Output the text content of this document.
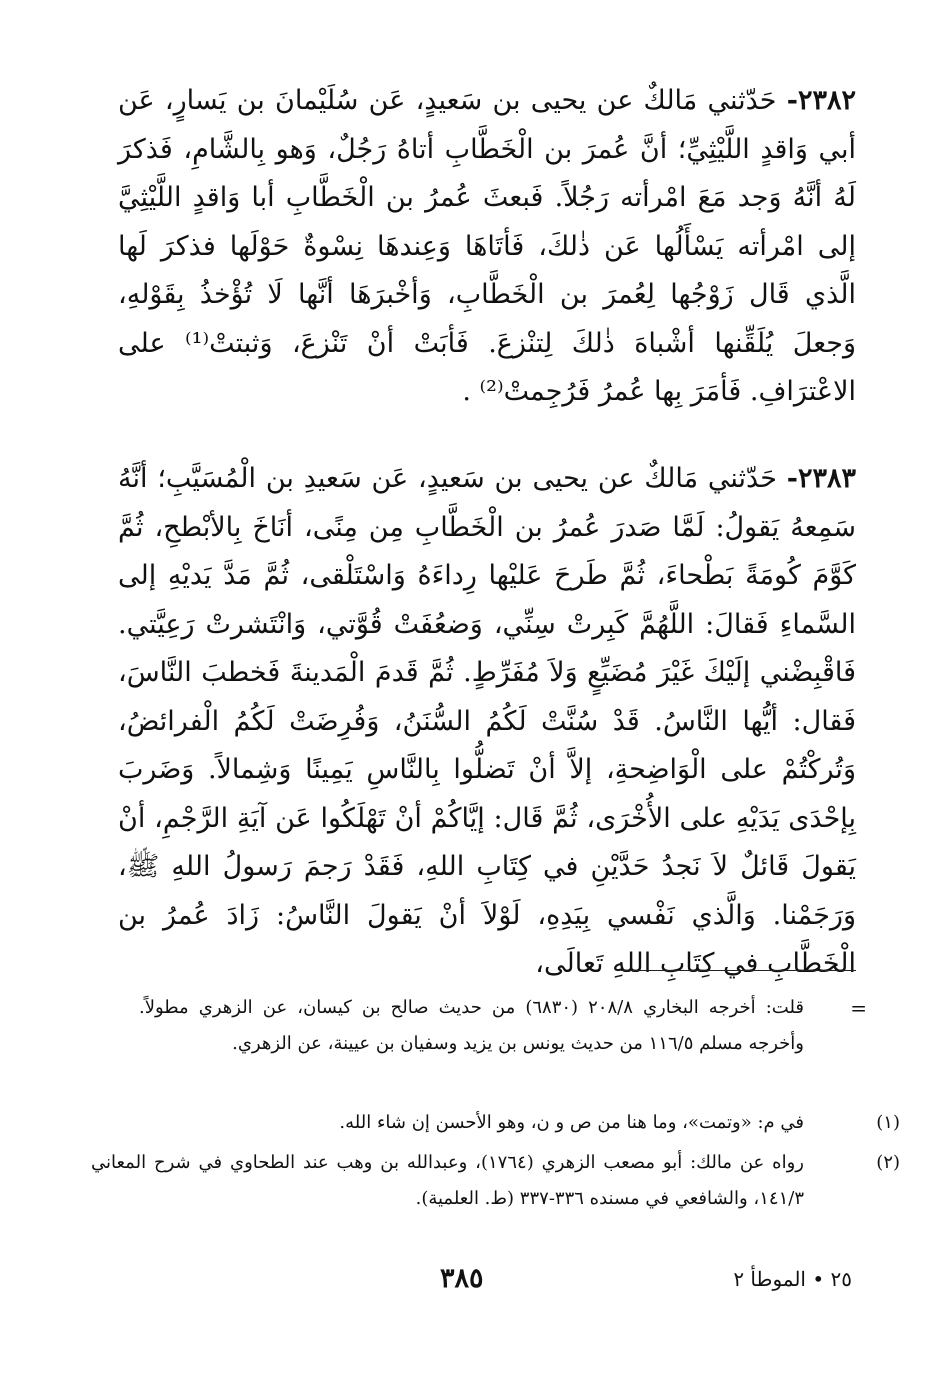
٢٣٨٢- حَدّثني مَالكٌ عن يحيى بن سَعيدٍ، عَن سُلَيْمانَ بن يَسارٍ، عَن أبي وَاقدٍ اللَّيْثِيِّ؛ أنَّ عُمرَ بن الْخَطَّابِ أتاهُ رَجُلٌ، وَهو بِالشَّامِ، فَذكرَ لَهُ أنَّهُ وَجد مَعَ امْرأته رَجُلاً. فَبعثَ عُمرُ بن الْخَطَّابِ أبا وَاقدٍ اللَّيْثِيَّ إلى امْرأته يَسْأَلُها عَن ذٰلكَ، فَأتَاهَا وَعِندهَا نِسْوةٌ حَوْلَها فذكرَ لَها الَّذي قَال زَوْجُها لِعُمرَ بن الْخَطَّابِ، وَأخْبرَهَا أنَّها لَا تُؤْخذُ بِقَوْلهِ، وَجعلَ يُلَقِّنها أشْباهَ ذٰلكَ لِتنْزعَ. فَأبَتْ أنْ تَنْزعَ، وَثبتتْ⁽¹⁾ على الاعْترَافِ. فَأمَرَ بِها عُمرُ فَرُجِمتْ⁽²⁾ .

٢٣٨٣- حَدّثني مَالكٌ عن يحيى بن سَعيدٍ، عَن سَعيدِ بن الْمُسَيَّبِ؛ أنَّهُ سَمِعهُ يَقولُ: لَمَّا صَدرَ عُمرُ بن الْخَطَّابِ مِن مِنًى، أنَاخَ بِالأبْطحِ، ثُمَّ كَوَّمَ كُومَةً بَطْحاءَ، ثُمَّ طَرحَ عَليْها رِداءَهُ وَاسْتَلْقى، ثُمَّ مَدَّ يَديْهِ إلى السَّماءِ فَقالَ: اللَّهُمَّ كَبِرتْ سِنِّي، وَضعُفَتْ قُوَّتي، وَانْتَشرتْ رَعِيَّتي. فَاقْبِضْني إلَيْكَ غَيْرَ مُضَيِّعٍ وَلاَ مُفَرِّطٍ. ثُمَّ قَدمَ الْمَدينةَ فَخطبَ النَّاسَ، فَقال: أيُّها النَّاسُ. قَدْ سُنَّتْ لَكُمُ السُّنَنُ، وَفُرِضَتْ لَكُمُ الْفرائضُ، وَتُركْتُمْ على الْوَاضِحةِ، إلاَّ أنْ تَضلُّوا بِالنَّاسِ يَمِينًا وَشِمالاً. وَضَربَ بِإحْدَى يَدَيْهِ على الأُخْرَى، ثُمَّ قَال: إيَّاكُمْ أنْ تَهْلَكُوا عَن آيَةِ الرَّجْمِ، أنْ يَقولَ قَائلٌ لاَ نَجدُ حَدَّيْنِ في كِتَابِ اللهِ، فَقَدْ رَجمَ رَسولُ اللهِ ﷺ، وَرَجَمْنا. وَالَّذي نَفْسي بِيَدِهِ، لَوْلاَ أنْ يَقولَ النَّاسُ: زَادَ عُمرُ بن الْخَطَّابِ في كِتَابِ اللهِ تَعالَى،

=

قلت: أخرجه البخاري ٢٠٨/٨ (٦٨٣٠) من حديث صالح بن كيسان، عن الزهري مطولاً. وأخرجه مسلم ١١٦/٥ من حديث يونس بن يزيد وسفيان بن عيينة، عن الزهري.

(١)في م: «وتمت»، وما هنا من ص و ن، وهو الأحسن إن شاء الله.

(٢)رواه عن مالك: أبو مصعب الزهري (١٧٦٤)، وعبدالله بن وهب عند الطحاوي في شرح المعاني ١٤١/٣، والشافعي في مسنده ٣٣٦-٣٣٧ (ط. العلمية).

٣٨٥	٢٥ • الموطأ ٢
